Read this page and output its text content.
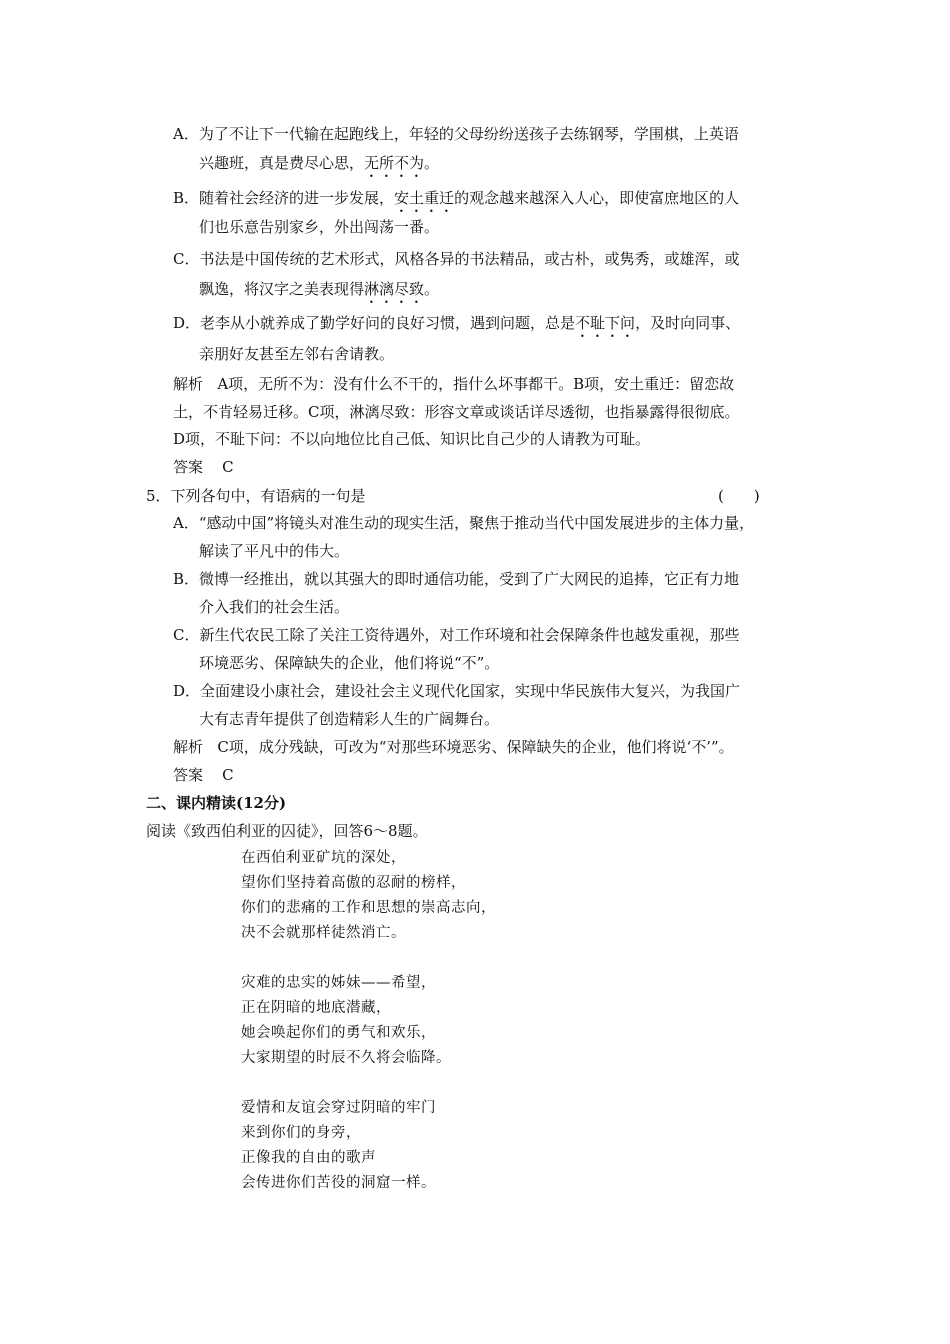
A．为了不让下一代输在起跑线上，年轻的父母纷纷送孩子去练钢琴，学围棋，上英语
兴趣班，真是费尽心思，无所不为。
B．随着社会经济的进一步发展，安土重迁的观念越来越深入人心，即使富庶地区的人
们也乐意告别家乡，外出闯荡一番。
C．书法是中国传统的艺术形式，风格各异的书法精品，或古朴，或隽秀，或雄浑，或
飘逸，将汉字之美表现得淋漓尽致。
D．老李从小就养成了勤学好问的良好习惯，遇到问题，总是不耻下问，及时向同事、
亲朋好友甚至左邻右舍请教。
解析 A项，无所不为：没有什么不干的，指什么坏事都干。B项，安土重迁：留恋故
土，不肯轻易迁移。C项，淋漓尽致：形容文章或谈话详尽透彻，也指暴露得很彻底。
D项，不耻下问：不以向地位比自己低、知识比自己少的人请教为可耻。
答案 C
5．下列各句中，有语病的一句是	(　　)
A．“感动中国”将镜头对准生动的现实生活，聚焦于推动当代中国发展进步的主体力量，
解读了平凡中的伟大。
B．微博一经推出，就以其强大的即时通信功能，受到了广大网民的追捧，它正有力地
介入我们的社会生活。
C．新生代农民工除了关注工资待遇外，对工作环境和社会保障条件也越发重视，那些
环境恶劣、保障缺失的企业，他们将说“不”。
D．全面建设小康社会，建设社会主义现代化国家，实现中华民族伟大复兴，为我国广
大有志青年提供了创造精彩人生的广阔舞台。
解析 C项，成分残缺，可改为“对那些环境恶劣、保障缺失的企业，他们将说‘不’”。
答案 C
二、课内精读(12分)
阅读《致西伯利亚的囚徒》，回答6～8题。
在西伯利亚矿坑的深处，
望你们坚持着高傲的忍耐的榜样，
你们的悲痛的工作和思想的崇高志向，
决不会就那样徒然消亡。
灾难的忠实的姊妹——希望，
正在阴暗的地底潜藏，
她会唤起你们的勇气和欢乐，
大家期望的时辰不久将会临降。
爱情和友谊会穿过阴暗的牢门
来到你们的身旁，
正像我的自由的歌声
会传进你们苦役的洞窟一样。
